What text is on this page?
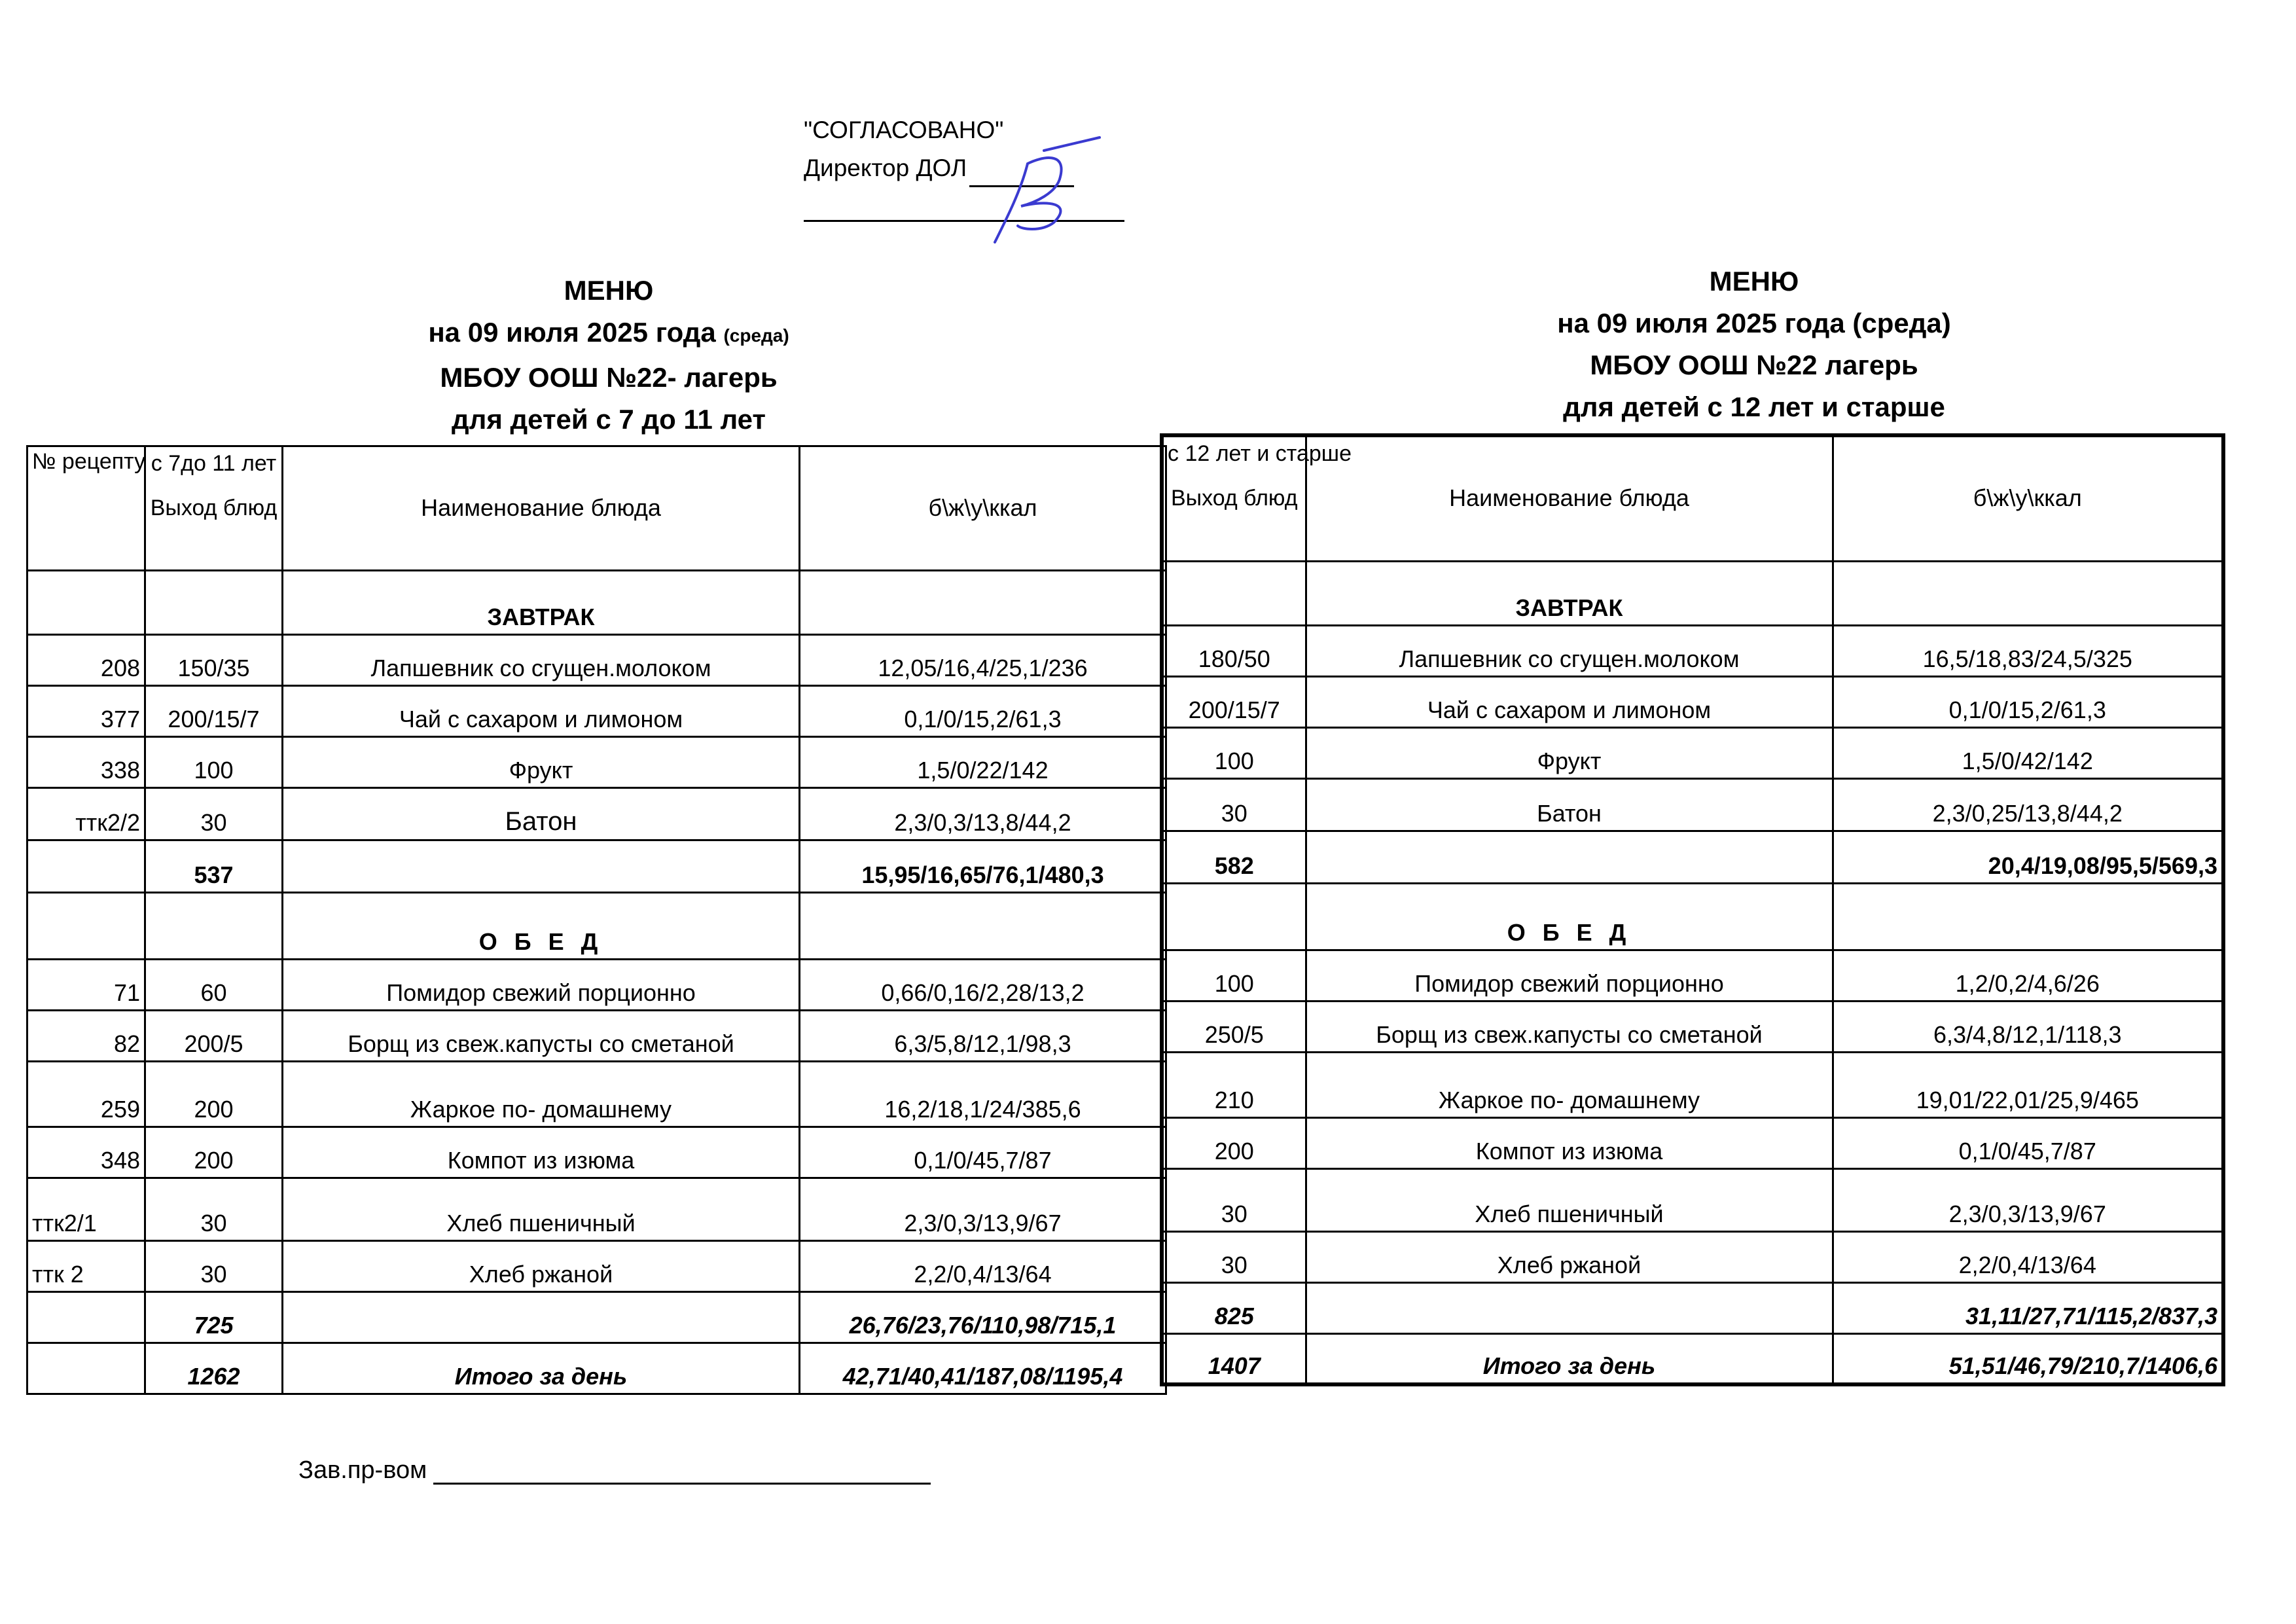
"СОГЛАСОВАНО"
Директор ДОЛ
МЕНЮ
на 09 июля 2025 года (среда)
МБОУ ООШ №22- лагерь
для детей с 7 до 11 лет
МЕНЮ
на 09 июля 2025 года (среда)
МБОУ ООШ №22 лагерь
для детей с 12 лет и старше
№ рецепту	с 7до 11 лет
Выход блюд	Наименование блюда	б\ж\у\ккал
		ЗАВТРАК	
208	150/35	Лапшевник со сгущен.молоком	12,05/16,4/25,1/236
377	200/15/7	Чай с сахаром и лимоном	0,1/0/15,2/61,3
338	100	Фрукт	1,5/0/22/142
ттк2/2	30	Батон	2,3/0,3/13,8/44,2
	537		15,95/16,65/76,1/480,3
		О Б Е Д	
71	60	Помидор свежий порционно	0,66/0,16/2,28/13,2
82	200/5	Борщ из свеж.капусты со сметаной	6,3/5,8/12,1/98,3
259	200	Жаркое по- домашнему	16,2/18,1/24/385,6
348	200	Компот из изюма	0,1/0/45,7/87
ттк2/1	30	Хлеб пшеничный	2,3/0,3/13,9/67
ттк 2	30	Хлеб ржаной	2,2/0,4/13/64
	725		26,76/23,76/110,98/715,1
	1262	Итого за день	42,71/40,41/187,08/1195,4
с 12 лет и старше
Выход блюд	Наименование блюда	б\ж\у\ккал
	ЗАВТРАК	
180/50	Лапшевник со сгущен.молоком	16,5/18,83/24,5/325
200/15/7	Чай с сахаром и лимоном	0,1/0/15,2/61,3
100	Фрукт	1,5/0/42/142
30	Батон	2,3/0,25/13,8/44,2
582		20,4/19,08/95,5/569,3
	О Б Е Д	
100	Помидор свежий порционно	1,2/0,2/4,6/26
250/5	Борщ из свеж.капусты со сметаной	6,3/4,8/12,1/118,3
210	Жаркое по- домашнему	19,01/22,01/25,9/465
200	Компот из изюма	0,1/0/45,7/87
30	Хлеб пшеничный	2,3/0,3/13,9/67
30	Хлеб ржаной	2,2/0,4/13/64
825		31,11/27,71/115,2/837,3
1407	Итого за день	51,51/46,79/210,7/1406,6
Зав.пр-вом
